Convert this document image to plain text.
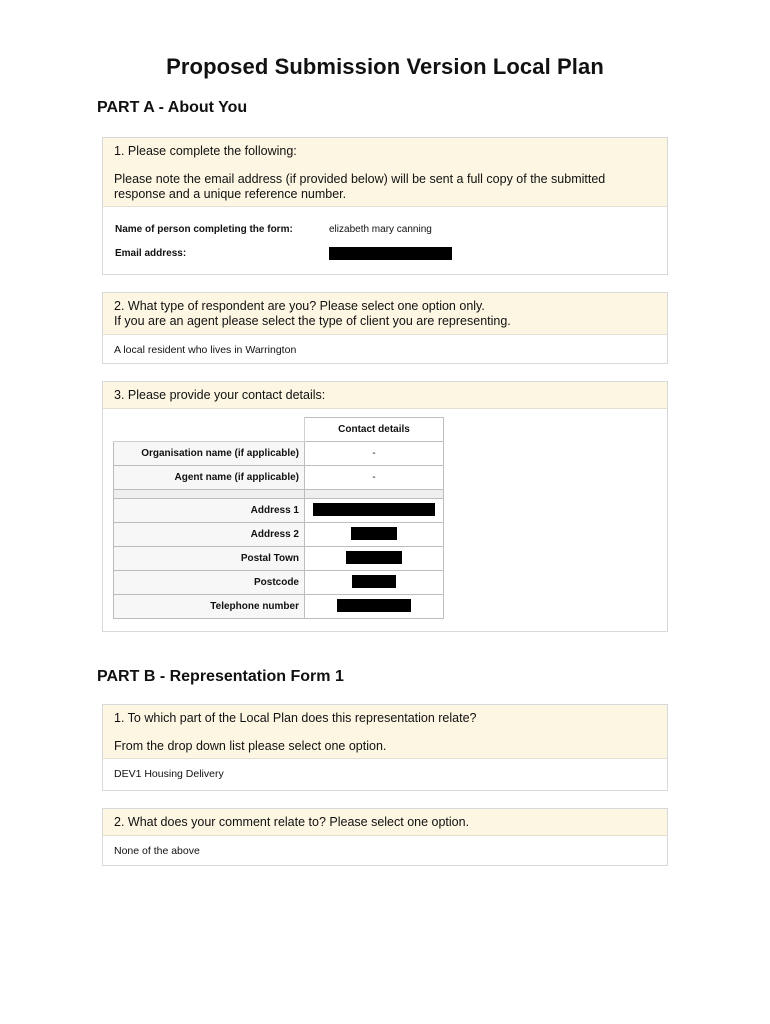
Proposed Submission Version Local Plan
PART A - About You
1. Please complete the following:
Please note the email address (if provided below) will be sent a full copy of the submitted response and a unique reference number.
Name of person completing the form:	elizabeth mary canning
Email address:
2. What type of respondent are you? Please select one option only.
If you are an agent please select the type of client you are representing.
A local resident who lives in Warrington
3. Please provide your contact details:
	Contact details
Organisation name (if applicable)	-
Agent name (if applicable)	-

Address 1	
Address 2	
Postal Town	
Postcode	
Telephone number	
PART B - Representation Form 1
1. To which part of the Local Plan does this representation relate?
From the drop down list please select one option.
DEV1 Housing Delivery
2. What does your comment relate to? Please select one option.
None of the above
